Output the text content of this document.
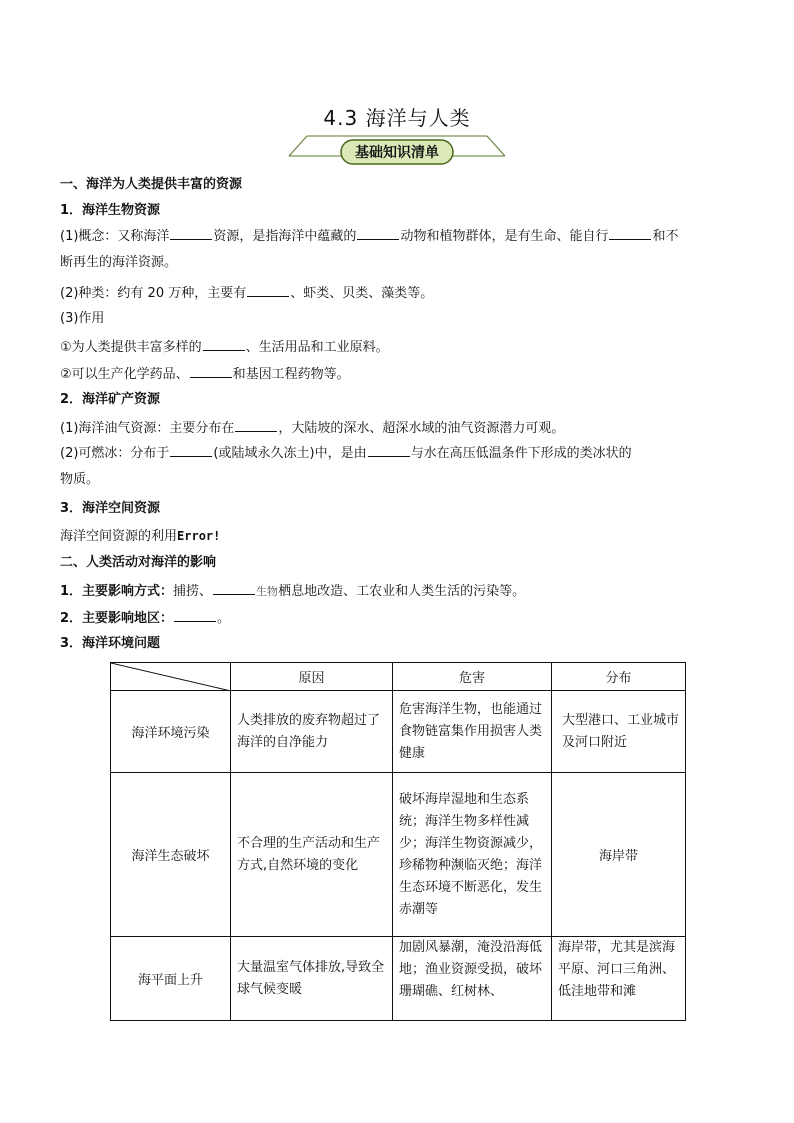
4.3 海洋与人类
基础知识清单
一、海洋为人类提供丰富的资源
1．海洋生物资源
(1)概念：又称海洋	资源，是指海洋中蕴藏的	动物和植物群体，是有生命、能自行	和不
断再生的海洋资源。
(2)种类：约有 20 万种，主要有	、虾类、贝类、藻类等。
(3)作用
①为人类提供丰富多样的	、生活用品和工业原料。
②可以生产化学药品、	和基因工程药物等。
2．海洋矿产资源
(1)海洋油气资源：主要分布在	，大陆坡的深水、超深水域的油气资源潜力可观。
(2)可燃冰：分布于	(或陆域永久冻土)中，是由	与水在高压低温条件下形成的类冰状的
物质。
3．海洋空间资源
海洋空间资源的利用Error!
二、人类活动对海洋的影响
1．主要影响方式：捕捞、	生物栖息地改造、工农业和人类生活的污染等。
2．主要影响地区：	。
3．海洋环境问题
	原因	危害	分布
海洋环境污染	人类排放的废弃物超过了海洋的自净能力	危害海洋生物，也能通过食物链富集作用损害人类健康	大型港口、工业城市及河口附近
海洋生态破坏	不合理的生产活动和生产方式,自然环境的变化	破坏海岸湿地和生态系统；海洋生物多样性减少；海洋生物资源减少，珍稀物种濒临灭绝；海洋生态环境不断恶化，发生赤潮等	海岸带
海平面上升	大量温室气体排放,导致全球气候变暖	加剧风暴潮，淹没沿海低地；渔业资源受损，破坏珊瑚礁、红树林、	海岸带，尤其是滨海平原、河口三角洲、低洼地带和滩
